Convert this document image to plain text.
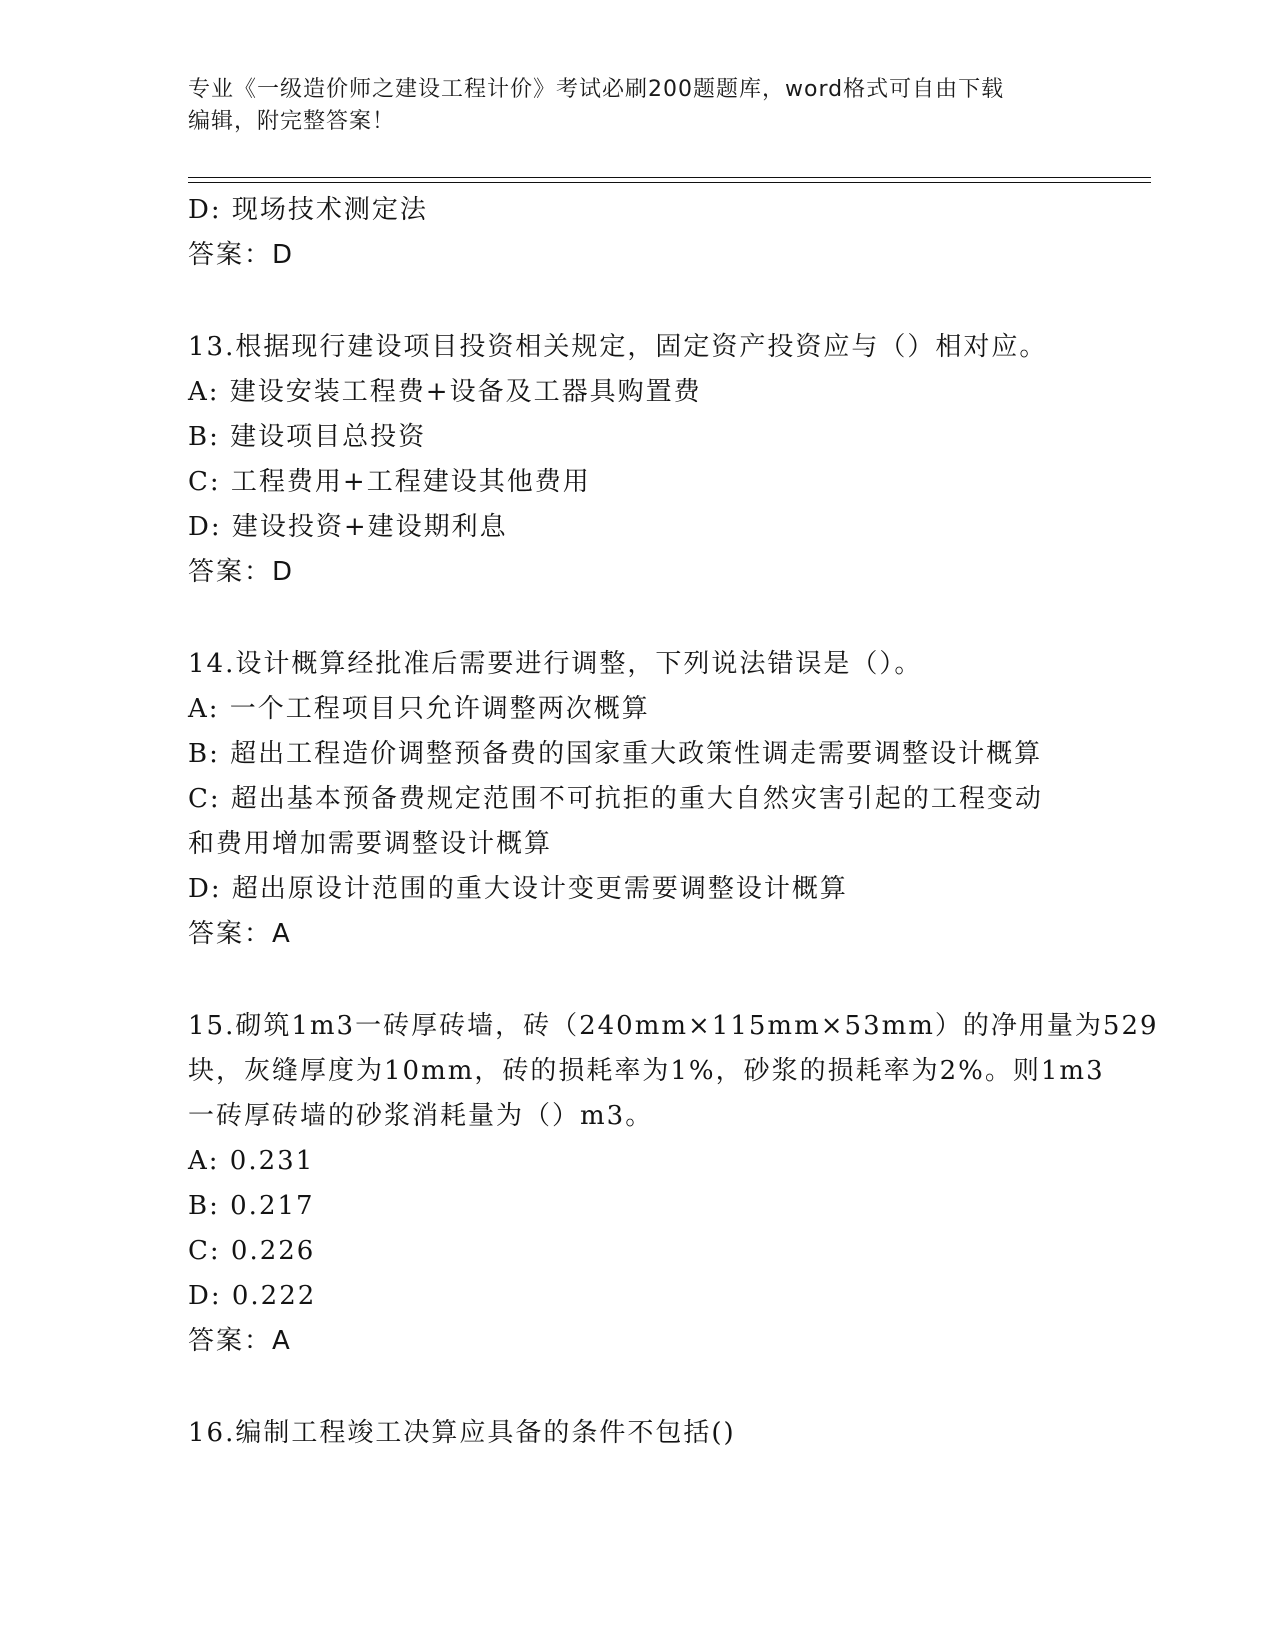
专业《一级造价师之建设工程计价》考试必刷200题题库，word格式可自由下载
编辑，附完整答案！
D: 现场技术测定法
答案：D
13.根据现行建设项目投资相关规定，固定资产投资应与（）相对应。
A: 建设安装工程费+设备及工器具购置费
B: 建设项目总投资
C: 工程费用+工程建设其他费用
D: 建设投资+建设期利息
答案：D
14.设计概算经批准后需要进行调整，下列说法错误是（）。
A: 一个工程项目只允许调整两次概算
B: 超出工程造价调整预备费的国家重大政策性调走需要调整设计概算
C: 超出基本预备费规定范围不可抗拒的重大自然灾害引起的工程变动
和费用增加需要调整设计概算
D: 超出原设计范围的重大设计变更需要调整设计概算
答案：A
15.砌筑1m3一砖厚砖墙，砖（240mm×115mm×53mm）的净用量为529
块，灰缝厚度为10mm，砖的损耗率为1%，砂浆的损耗率为2%。则1m3
一砖厚砖墙的砂浆消耗量为（）m3。
A: 0.231
B: 0.217
C: 0.226
D: 0.222
答案：A
16.编制工程竣工决算应具备的条件不包括()
